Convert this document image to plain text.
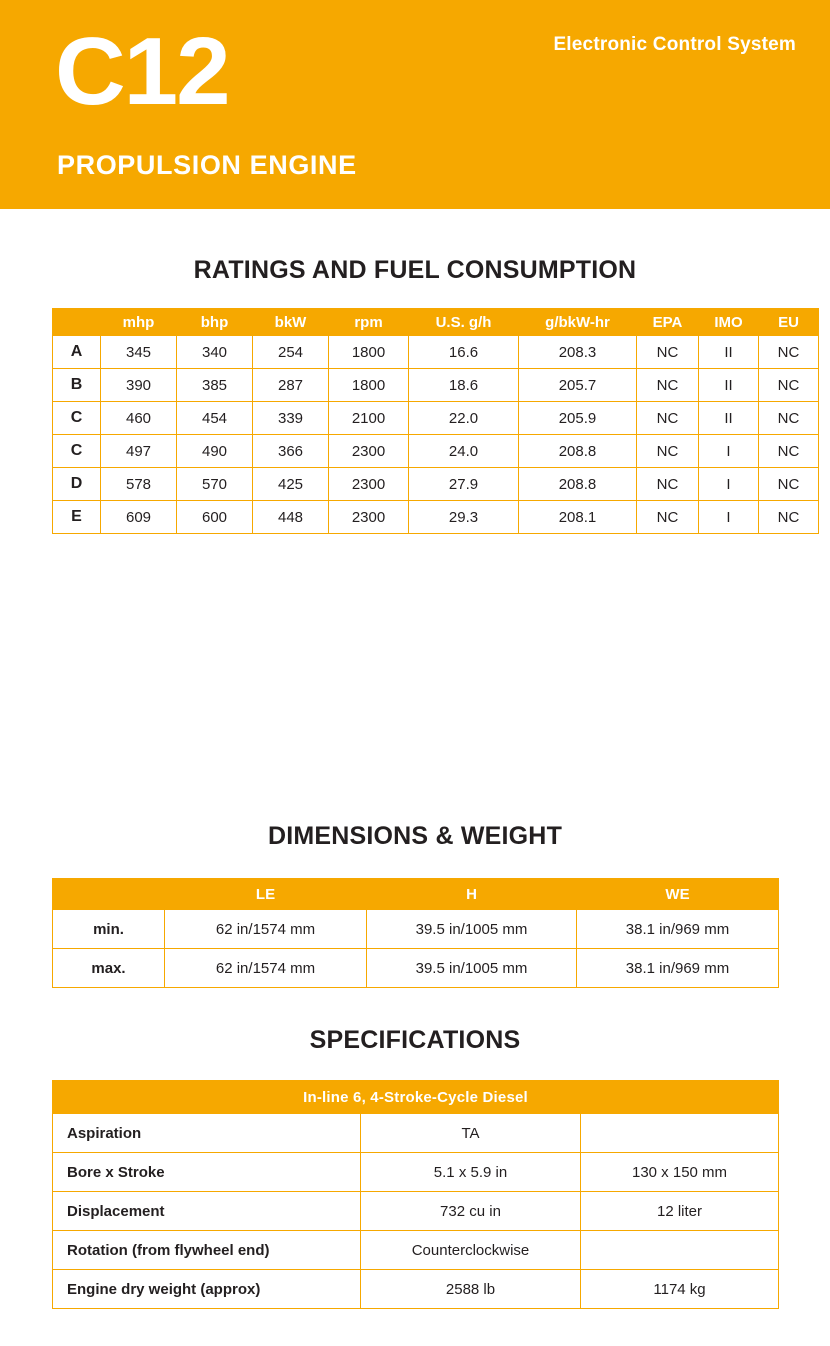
Electronic Control System
C12
PROPULSION ENGINE
RATINGS AND FUEL CONSUMPTION
	mhp	bhp	bkW	rpm	U.S. g/h	g/bkW-hr	EPA	IMO	EU
A	345	340	254	1800	16.6	208.3	NC	II	NC
B	390	385	287	1800	18.6	205.7	NC	II	NC
C	460	454	339	2100	22.0	205.9	NC	II	NC
C	497	490	366	2300	24.0	208.8	NC	I	NC
D	578	570	425	2300	27.9	208.8	NC	I	NC
E	609	600	448	2300	29.3	208.1	NC	I	NC
DIMENSIONS & WEIGHT
	LE	H	WE
min.	62 in/1574 mm	39.5 in/1005 mm	38.1 in/969 mm
max.	62 in/1574 mm	39.5 in/1005 mm	38.1 in/969 mm
SPECIFICATIONS
In-line 6, 4-Stroke-Cycle Diesel		
Aspiration	TA	
Bore x Stroke	5.1 x 5.9 in	130 x 150 mm
Displacement	732 cu in	12 liter
Rotation (from flywheel end)	Counterclockwise	
Engine dry weight (approx)	2588 lb	1174 kg
